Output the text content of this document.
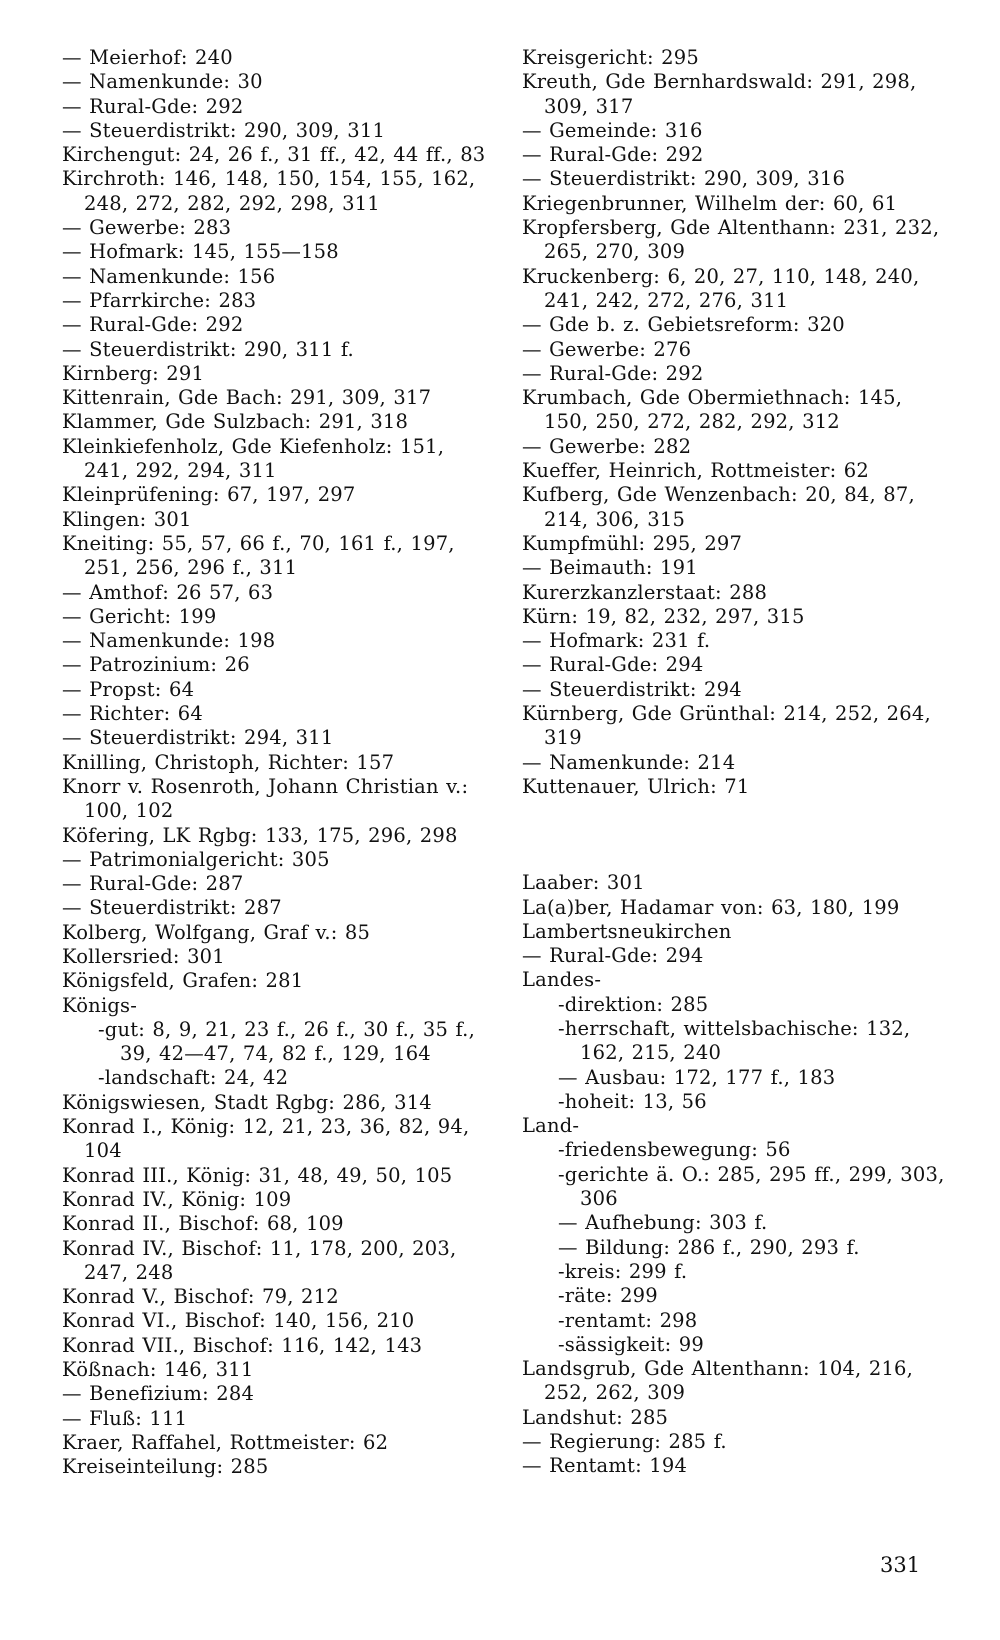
— Meierhof: 240
— Namenkunde: 30
— Rural-Gde: 292
— Steuerdistrikt: 290, 309, 311
Kirchengut: 24, 26 f., 31 ff., 42, 44 ff., 83
Kirchroth: 146, 148, 150, 154, 155, 162, 248, 272, 282, 292, 298, 311
— Gewerbe: 283
— Hofmark: 145, 155—158
— Namenkunde: 156
— Pfarrkirche: 283
— Rural-Gde: 292
— Steuerdistrikt: 290, 311 f.
Kirnberg: 291
Kittenrain, Gde Bach: 291, 309, 317
Klammer, Gde Sulzbach: 291, 318
Kleinkiefenholz, Gde Kiefenholz: 151, 241, 292, 294, 311
Kleinprüfening: 67, 197, 297
Klingen: 301
Kneiting: 55, 57, 66 f., 70, 161 f., 197, 251, 256, 296 f., 311
— Amthof: 26 57, 63
— Gericht: 199
— Namenkunde: 198
— Patrozinium: 26
— Propst: 64
— Richter: 64
— Steuerdistrikt: 294, 311
Knilling, Christoph, Richter: 157
Knorr v. Rosenroth, Johann Christian v.: 100, 102
Köfering, LK Rgbg: 133, 175, 296, 298
— Patrimonialgericht: 305
— Rural-Gde: 287
— Steuerdistrikt: 287
Kolberg, Wolfgang, Graf v.: 85
Kollersried: 301
Königsfeld, Grafen: 281
Königs-
-gut: 8, 9, 21, 23 f., 26 f., 30 f., 35 f., 39, 42—47, 74, 82 f., 129, 164
-landschaft: 24, 42
Königswiesen, Stadt Rgbg: 286, 314
Konrad I., König: 12, 21, 23, 36, 82, 94, 104
Konrad III., König: 31, 48, 49, 50, 105
Konrad IV., König: 109
Konrad II., Bischof: 68, 109
Konrad IV., Bischof: 11, 178, 200, 203, 247, 248
Konrad V., Bischof: 79, 212
Konrad VI., Bischof: 140, 156, 210
Konrad VII., Bischof: 116, 142, 143
Kößnach: 146, 311
— Benefizium: 284
— Fluß: 111
Kraer, Raffahel, Rottmeister: 62
Kreiseinteilung: 285
Kreisgericht: 295
Kreuth, Gde Bernhardswald: 291, 298, 309, 317
— Gemeinde: 316
— Rural-Gde: 292
— Steuerdistrikt: 290, 309, 316
Kriegenbrunner, Wilhelm der: 60, 61
Kropfersberg, Gde Altenthann: 231, 232, 265, 270, 309
Kruckenberg: 6, 20, 27, 110, 148, 240, 241, 242, 272, 276, 311
— Gde b. z. Gebietsreform: 320
— Gewerbe: 276
— Rural-Gde: 292
Krumbach, Gde Obermiethnach: 145, 150, 250, 272, 282, 292, 312
— Gewerbe: 282
Kueffer, Heinrich, Rottmeister: 62
Kufberg, Gde Wenzenbach: 20, 84, 87, 214, 306, 315
Kumpfmühl: 295, 297
— Beimauth: 191
Kurerzkanzlerstaat: 288
Kürn: 19, 82, 232, 297, 315
— Hofmark: 231 f.
— Rural-Gde: 294
— Steuerdistrikt: 294
Kürnberg, Gde Grünthal: 214, 252, 264, 319
— Namenkunde: 214
Kuttenauer, Ulrich: 71
Laaber: 301
La(a)ber, Hadamar von: 63, 180, 199
Lambertsneukirchen
— Rural-Gde: 294
Landes-
-direktion: 285
-herrschaft, wittelsbachische: 132, 162, 215, 240
— Ausbau: 172, 177 f., 183
-hoheit: 13, 56
Land-
-friedensbewegung: 56
-gerichte ä. O.: 285, 295 ff., 299, 303, 306
— Aufhebung: 303 f.
— Bildung: 286 f., 290, 293 f.
-kreis: 299 f.
-räte: 299
-rentamt: 298
-sässigkeit: 99
Landsgrub, Gde Altenthann: 104, 216, 252, 262, 309
Landshut: 285
— Regierung: 285 f.
— Rentamt: 194
331
